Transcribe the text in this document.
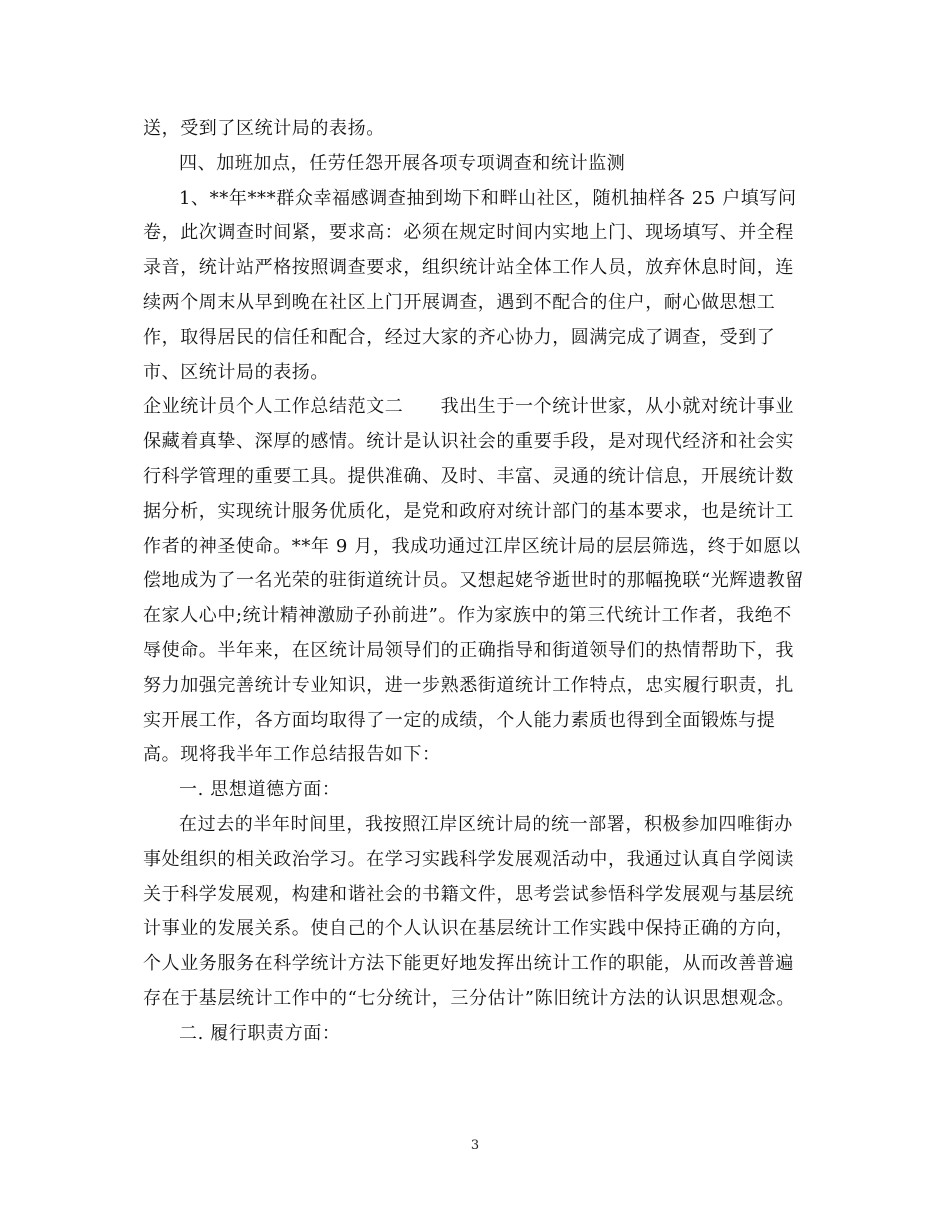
送，受到了区统计局的表扬。
四、加班加点，任劳任怨开展各项专项调查和统计监测
1、**年***群众幸福感调查抽到坳下和畔山社区，随机抽样各 25 户填写问
卷，此次调查时间紧，要求高：必须在规定时间内实地上门、现场填写、并全程
录音，统计站严格按照调查要求，组织统计站全体工作人员，放弃休息时间，连
续两个周末从早到晚在社区上门开展调查，遇到不配合的住户，耐心做思想工
作，取得居民的信任和配合，经过大家的齐心协力，圆满完成了调查，受到了
市、区统计局的表扬。
企业统计员个人工作总结范文二　　我出生于一个统计世家，从小就对统计事业
保藏着真挚、深厚的感情。统计是认识社会的重要手段，是对现代经济和社会实
行科学管理的重要工具。提供准确、及时、丰富、灵通的统计信息，开展统计数
据分析，实现统计服务优质化，是党和政府对统计部门的基本要求，也是统计工
作者的神圣使命。**年 9 月，我成功通过江岸区统计局的层层筛选，终于如愿以
偿地成为了一名光荣的驻街道统计员。又想起姥爷逝世时的那幅挽联“光辉遗教留
在家人心中;统计精神激励子孙前进”。作为家族中的第三代统计工作者，我绝不
辱使命。半年来，在区统计局领导们的正确指导和街道领导们的热情帮助下，我
努力加强完善统计专业知识，进一步熟悉街道统计工作特点，忠实履行职责，扎
实开展工作，各方面均取得了一定的成绩，个人能力素质也得到全面锻炼与提
高。现将我半年工作总结报告如下：
一. 思想道德方面：
在过去的半年时间里，我按照江岸区统计局的统一部署，积极参加四唯街办
事处组织的相关政治学习。在学习实践科学发展观活动中，我通过认真自学阅读
关于科学发展观，构建和谐社会的书籍文件，思考尝试参悟科学发展观与基层统
计事业的发展关系。使自己的个人认识在基层统计工作实践中保持正确的方向，
个人业务服务在科学统计方法下能更好地发挥出统计工作的职能，从而改善普遍
存在于基层统计工作中的“七分统计，三分估计”陈旧统计方法的认识思想观念。
二. 履行职责方面：
3
